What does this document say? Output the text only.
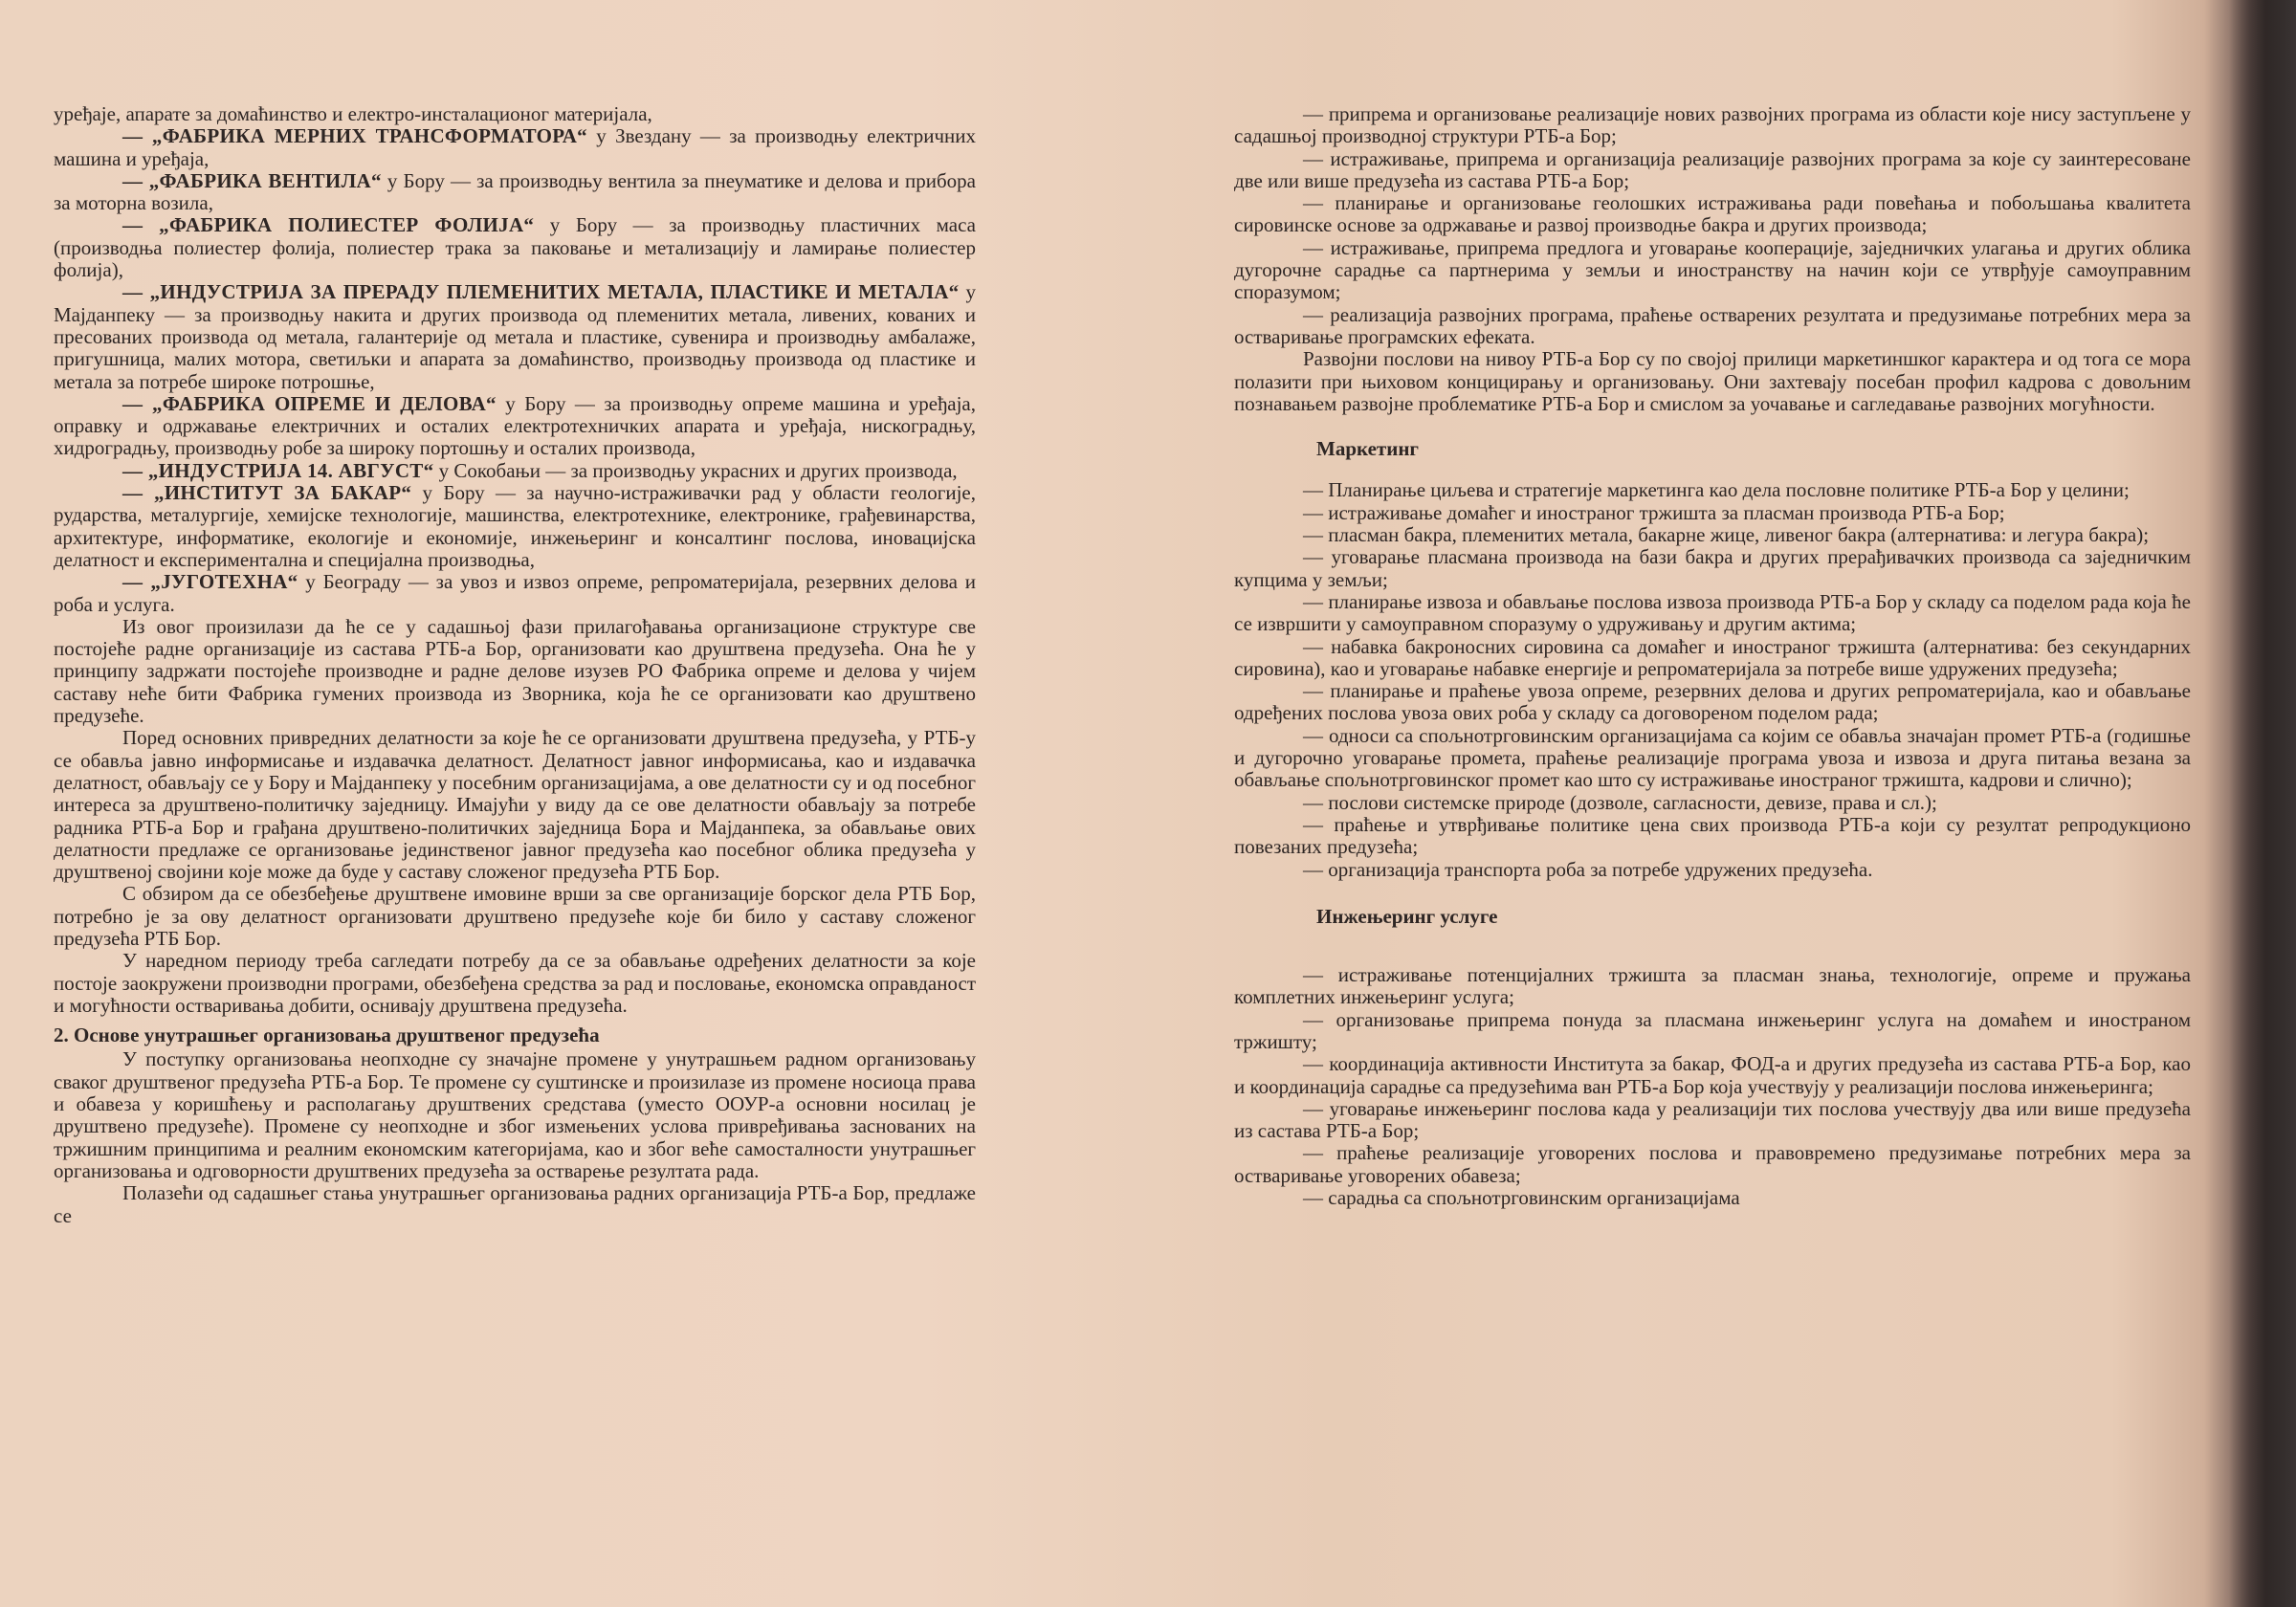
уређаје, апарате за домаћинство и електро-инсталационог материјала,

— „ФАБРИКА МЕРНИХ ТРАНСФОРМАТОРА“ у Звездану — за производњу електричних машина и уређаја,

— „ФАБРИКА ВЕНТИЛА“ у Бору — за производњу вентила за пнеуматике и делова и прибора за моторна возила,

— „ФАБРИКА ПОЛИЕСТЕР ФОЛИЈА“ у Бору — за производњу пластичних маса (производња полиестер фолија, полиестер трака за паковање и метализацију и ламирање полиестер фолија),

— „ИНДУСТРИЈА ЗА ПРЕРАДУ ПЛЕМЕНИТИХ МЕТАЛА, ПЛАСТИКЕ И МЕТАЛА“ у Мајданпеку — за производњу накита и других производа од племенитих метала, ливених, кованих и пресованих производа од метала, галантерије од метала и пластике, сувенира и производњу амбалаже, пригушница, малих мотора, светиљки и апарата за домаћинство, производњу производа од пластике и метала за потребе широке потрошње,

— „ФАБРИКА ОПРЕМЕ И ДЕЛОВА“ у Бору — за производњу опреме машина и уређаја, оправку и одржавање електричних и осталих електротехничких апарата и уређаја, нискоградњу, хидроградњу, производњу робе за широку портошњу и осталих производа,

— „ИНДУСТРИЈА 14. АВГУСТ“ у Сокобањи — за производњу украсних и других производа,

— „ИНСТИТУТ ЗА БАКАР“ у Бору — за научно-истраживачки рад у области геологије, рударства, металургије, хемијске технологије, машинства, електротехнике, електронике, грађевинарства, архитектуре, информатике, екологије и економије, инжењеринг и консалтинг послова, иновацијска делатност и експериментална и специјална производња,

— „ЈУГОТЕХНА“ у Београду — за увоз и извоз опреме, репроматеријала, резервних делова и роба и услуга.

Из овог произилази да ће се у садашњој фази прилагођавања организационе структуре све постојеће радне организације из састава РТБ-а Бор, организовати као друштвена предузећа. Она ће у принципу задржати постојеће производне и радне делове изузев РО Фабрика опреме и делова у чијем саставу неће бити Фабрика гумених производа из Зворника, која ће се организовати као друштвено предузеће.

Поред основних привредних делатности за које ће се организовати друштвена предузећа, у РТБ-у се обавља јавно информисање и издавачка делатност. Делатност јавног информисања, као и издавачка делатност, обављају се у Бору и Мајданпеку у посебним организацијама, а ове делатности су и од посебног интереса за друштвено-политичку заједницу. Имајући у виду да се ове делатности обављају за потребе радника РТБ-а Бор и грађана друштвено-политичких заједница Бора и Мајданпека, за обављање ових делатности предлаже се организовање јединственог јавног предузећа као посебног облика предузећа у друштвеној својини које може да буде у саставу сложеног предузећа РТБ Бор.

С обзиром да се обезбеђење друштвене имовине врши за све организације борског дела РТБ Бор, потребно је за ову делатност организовати друштвено предузеће које би било у саставу сложеног предузећа РТБ Бор.

У наредном периоду треба сагледати потребу да се за обављање одређених делатности за које постоје заокружени производни програми, обезбеђена средства за рад и пословање, економска оправданост и могућности остваривања добити, оснивају друштвена предузећа.

2. Основе унутрашњег организовања друштвеног предузећа

У поступку организовања неопходне су значајне промене у унутрашњем радном организовању сваког друштвеног предузећа РТБ-а Бор. Те промене су суштинске и произилазе из промене носиоца права и обавеза у коришћењу и располагању друштвених средстава (уместо ООУР-а основни носилац је друштвено предузеће). Промене су неопходне и због измењених услова привређивања заснованих на тржишним принципима и реалним економским категоријама, као и због веће самосталности унутрашњег организовања и одговорности друштвених предузећа за остварење резултата рада.

Полазећи од садашњег стања унутрашњег организовања радних организација РТБ-а Бор, предлаже се

— припрема и организовање реализације нових развојних програма из области које нису заступљене у садашњој производној структури РТБ-а Бор;

— истраживање, припрема и организација реализације развојних програма за које су заинтересоване две или више предузећа из састава РТБ-а Бор;

— планирање и организовање геолошких истраживања ради повећања и побољшања квалитета сировинске основе за одржавање и развој производње бакра и других производа;

— истраживање, припрема предлога и уговарање кооперације, заједничких улагања и других облика дугорочне сарадње са партнерима у земљи и иностранству на начин који се утврђује самоуправним споразумом;

— реализација развојних програма, праћење остварених резултата и предузимање потребних мера за остваривање програмских ефеката.

Развојни послови на нивоу РТБ-а Бор су по својој прилици маркетиншког карактера и од тога се мора полазити при њиховом концицирању и организовању. Они захтевају посебан профил кадрова с довољним познавањем развојне проблематике РТБ-а Бор и смислом за уочавање и сагледавање развојних могућности.

Маркетинг

— Планирање циљева и стратегије маркетинга као дела пословне политике РТБ-а Бор у целини;

— истраживање домаћег и иностраног тржишта за пласман производа РТБ-а Бор;

— пласман бакра, племенитих метала, бакарне жице, ливеног бакра (алтернатива: и легура бакра);

— уговарање пласмана производа на бази бакра и других прерађивачких производа са заједничким купцима у земљи;

— планирање извоза и обављање послова извоза производа РТБ-а Бор у складу са поделом рада која ће се извршити у самоуправном споразуму о удруживању и другим актима;

— набавка бакроносних сировина са домаћег и иностраног тржишта (алтернатива: без секундарних сировина), као и уговарање набавке енергије и репроматеријала за потребе више удружених предузећа;

— планирање и праћење увоза опреме, резервних делова и других репроматеријала, као и обављање одређених послова увоза ових роба у складу са договореном поделом рада;

— односи са спољнотрговинским организацијама са којим се обавља значајан промет РТБ-а (годишње и дугорочно уговарање промета, праћење реализације програма увоза и извоза и друга питања везана за обављање спољнотрговинског промет као што су истраживање иностраног тржишта, кадрови и слично);

— послови системске природе (дозволе, сагласности, девизе, права и сл.);

— праћење и утврђивање политике цена свих производа РТБ-а који су резултат репродукционо повезаних предузећа;

— организација транспорта роба за потребе удружених предузећа.

Инжењеринг услуге

— истраживање потенцијалних тржишта за пласман знања, технологије, опреме и пружања комплетних инжењеринг услуга;

— организовање припрема понуда за пласмана инжењеринг услуга на домаћем и иностраном тржишту;

— координација активности Института за бакар, ФОД-а и других предузећа из састава РТБ-а Бор, као и координација сарадње са предузећима ван РТБ-а Бор која учествују у реализацији послова инжењеринга;

— уговарање инжењеринг послова када у реализацији тих послова учествују два или више предузећа из састава РТБ-а Бор;

— праћење реализације уговорених послова и правовремено предузимање потребних мера за остваривање уговорених обавеза;

— сарадња са спољнотрговинским организацијама
